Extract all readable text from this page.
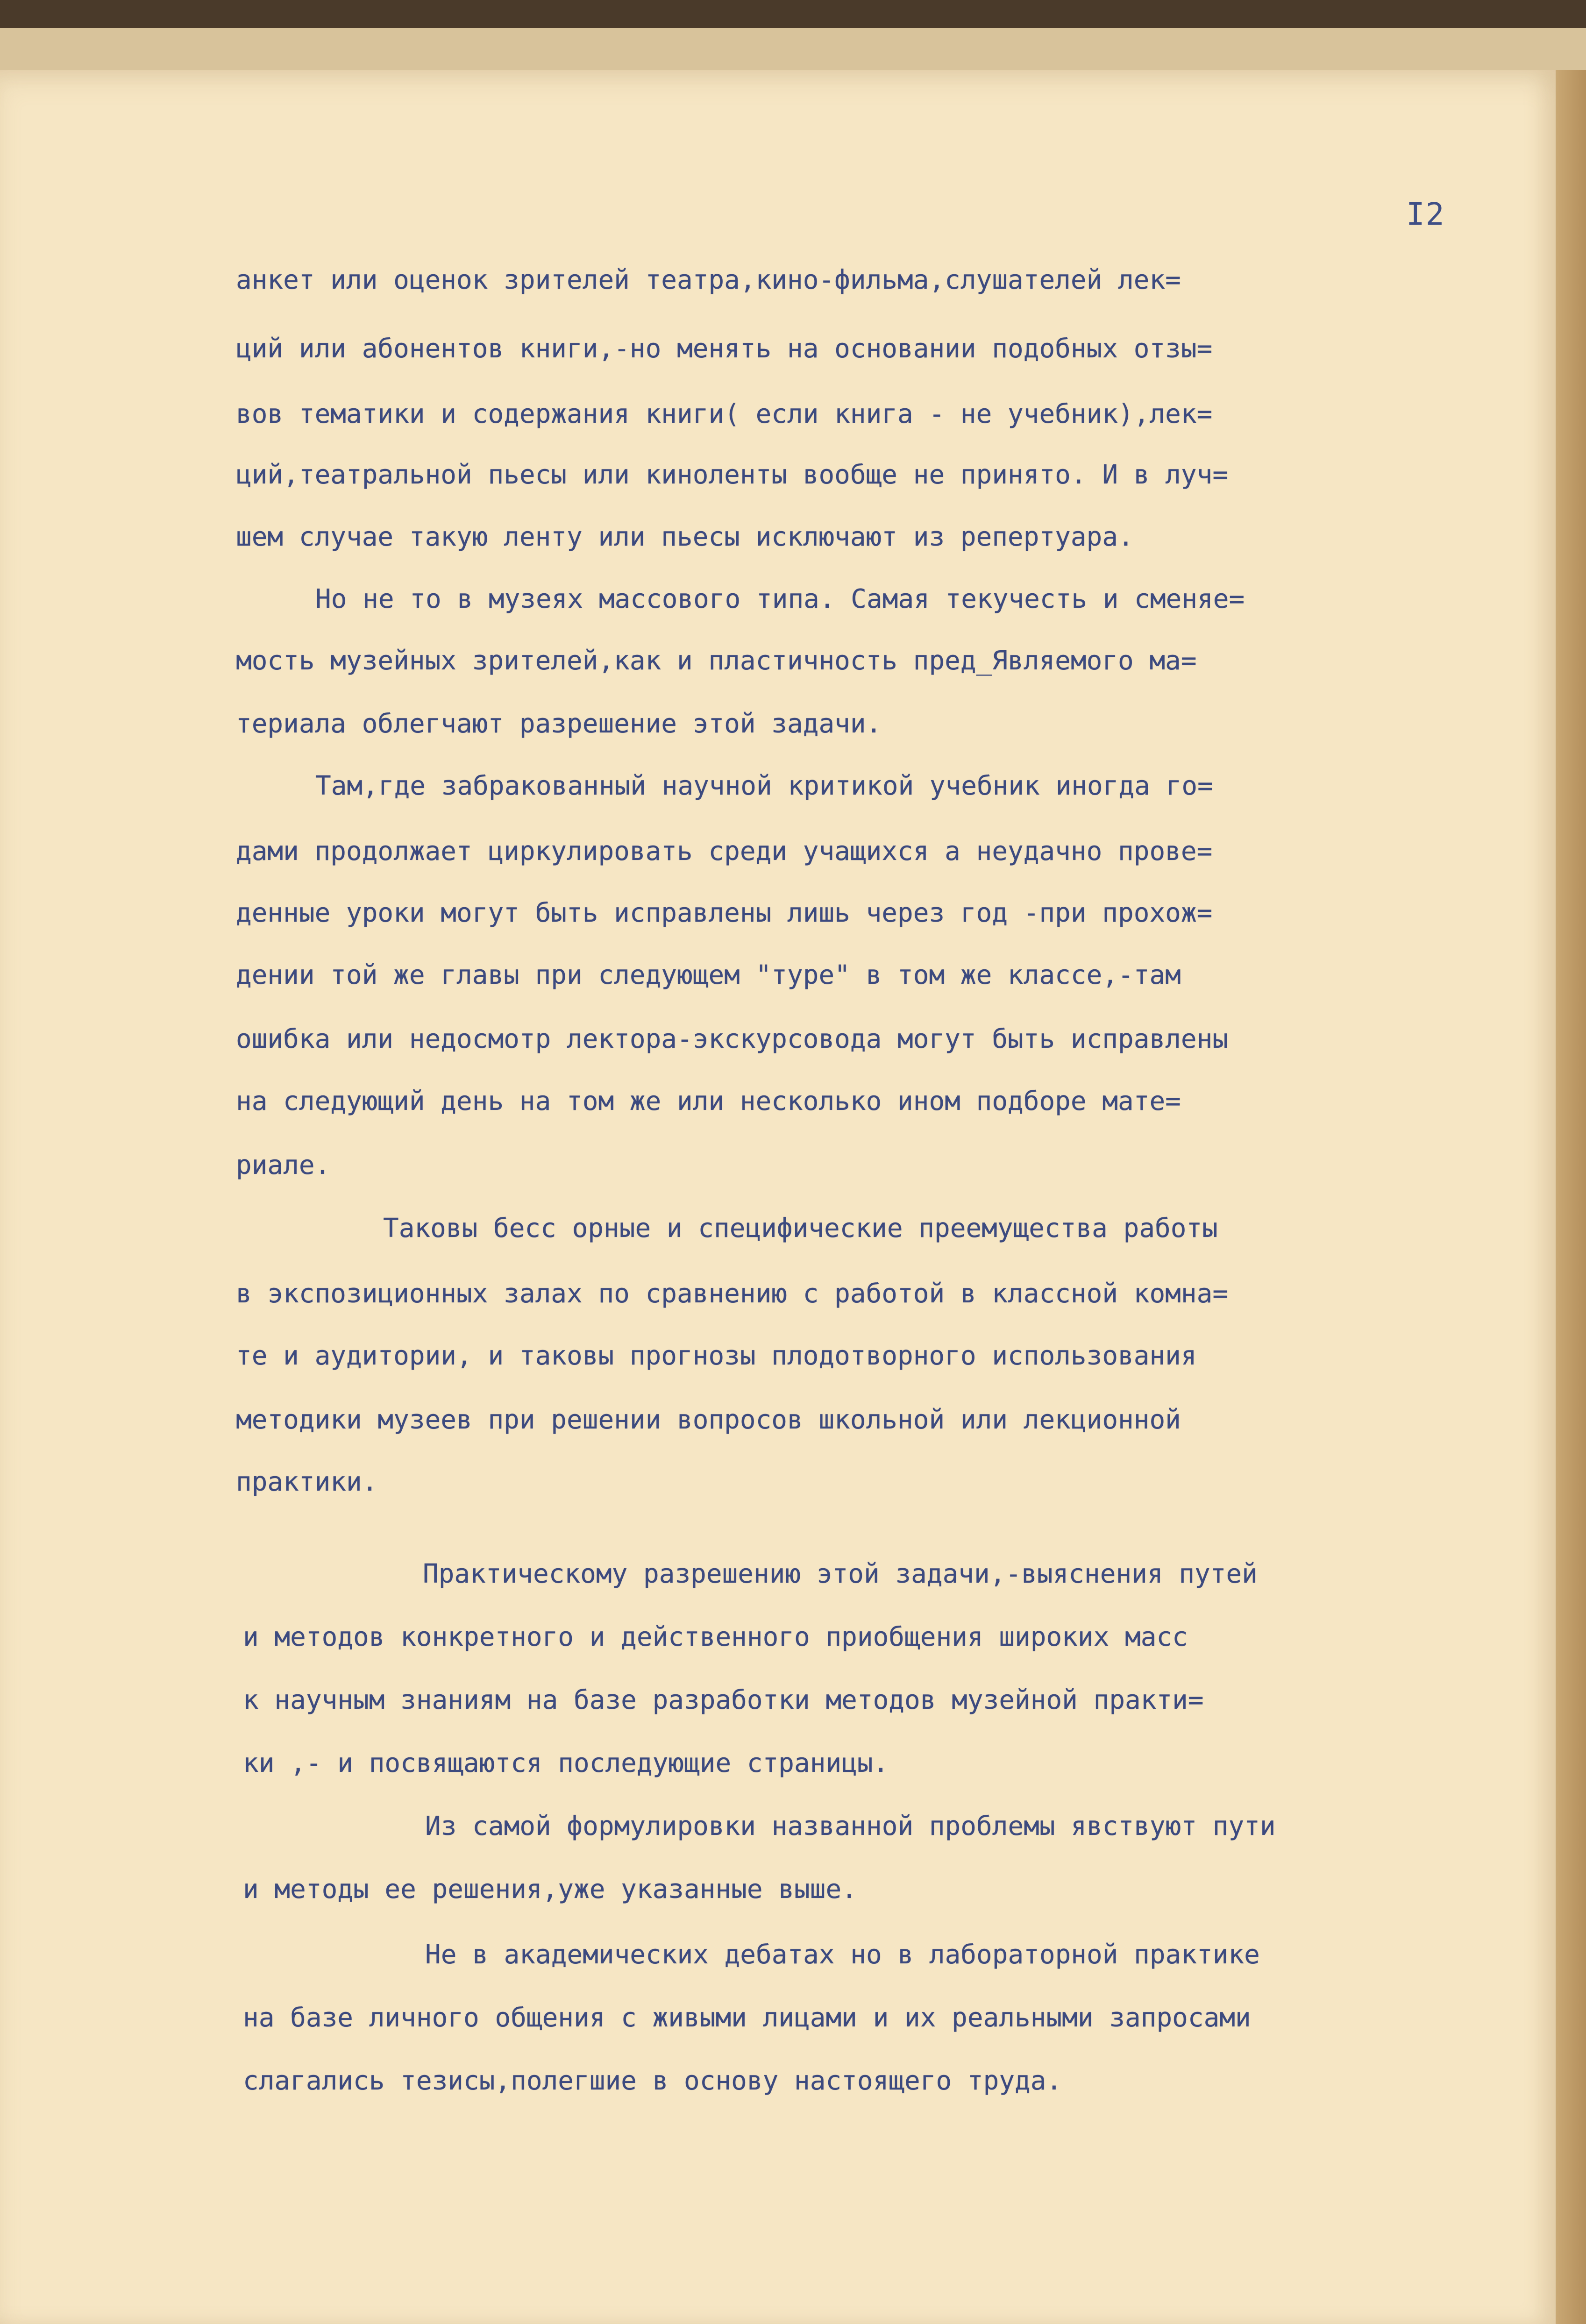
I2
анкет или оценок зрителей театра,кино-фильма,слушателей лек=
ций или абонентов книги,-но менять на основании подобных отзы=
вов тематики и содержания книги( если книга - не учебник),лек=
ций,театральной пьесы или киноленты вообще не принято. И в луч=
шем случае такую ленту или пьесы исключают из репертуара.
Но не то в музеях массового типа. Самая текучесть и сменяе=
мость музейных зрителей,как и пластичность пред_Являемого ма=
териала облегчают разрешение этой задачи.
Там,где забракованный научной критикой учебник иногда го=
дами продолжает циркулировать среди учащихся а неудачно прове=
денные уроки могут быть исправлены лишь через год -при прохож=
дении той же главы при следующем "туре" в том же классе,-там
ошибка или недосмотр лектора-экскурсовода могут быть исправлены
на следующий день на том же или несколько ином подборе мате=
риале.
Таковы бесс орные и специфические преемущества работы
в экспозиционных залах по сравнению с работой в классной комна=
те и аудитории, и таковы прогнозы плодотворного использования
методики музеев при решении вопросов школьной или лекционной
практики.
Практическому разрешению этой задачи,-выяснения путей
и методов конкретного и действенного приобщения широких масс
к научным знаниям на базе разработки методов музейной практи=
ки ,- и посвящаются последующие страницы.
Из самой формулировки названной проблемы явствуют пути
и методы ее решения,уже указанные выше.
Не в академических дебатах но в лабораторной практике
на базе личного общения с живыми лицами и их реальными запросами
слагались тезисы,полегшие в основу настоящего труда.
